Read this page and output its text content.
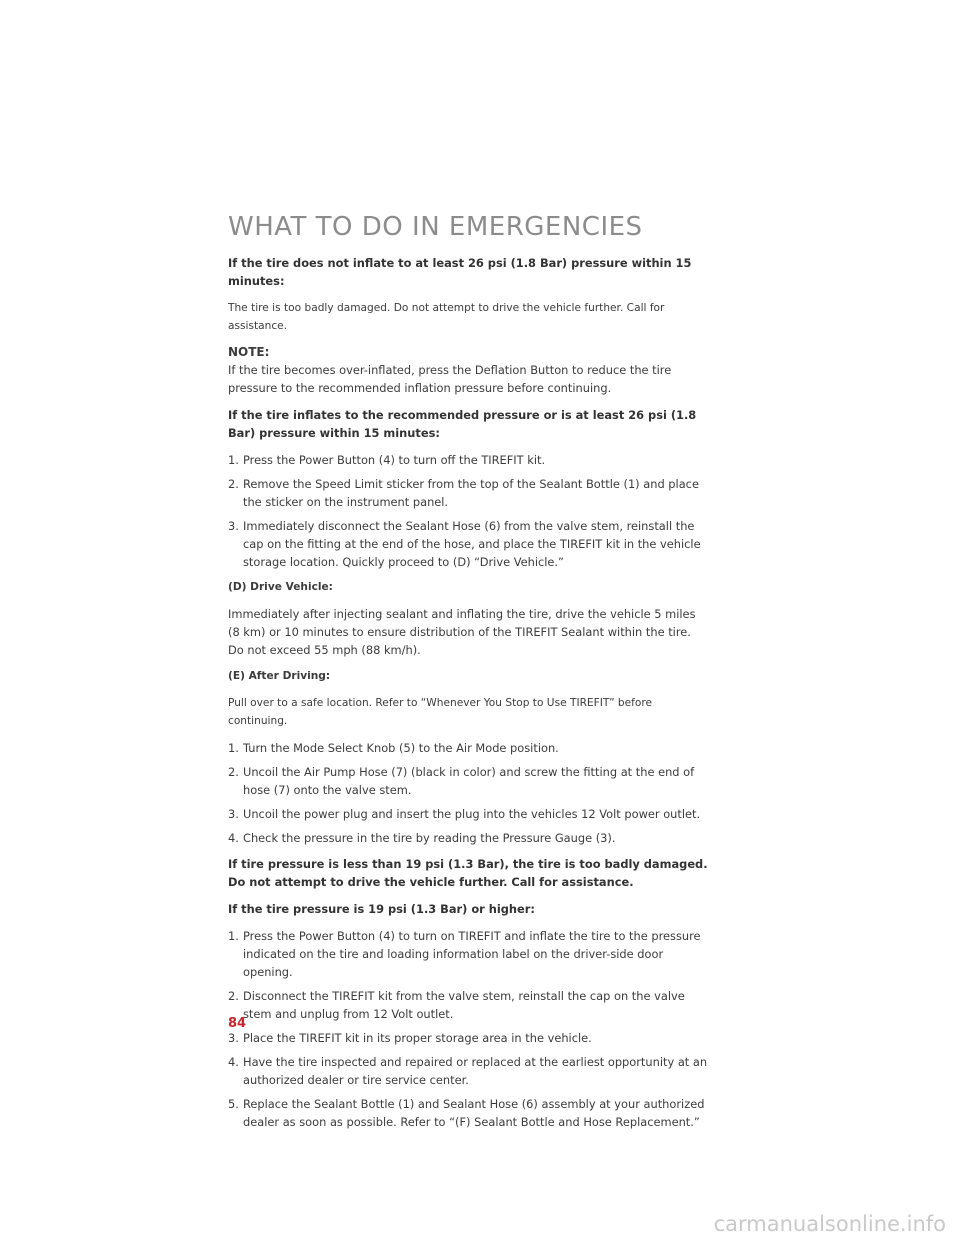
WHAT TO DO IN EMERGENCIES

If the tire does not inflate to at least 26 psi (1.8 Bar) pressure within 15 minutes:

The tire is too badly damaged. Do not attempt to drive the vehicle further. Call for assistance.

NOTE:

If the tire becomes over-inflated, press the Deflation Button to reduce the tire pressure to the recommended inflation pressure before continuing.

If the tire inflates to the recommended pressure or is at least 26 psi (1.8 Bar) pressure within 15 minutes:

1. Press the Power Button (4) to turn off the TIREFIT kit.
2. Remove the Speed Limit sticker from the top of the Sealant Bottle (1) and place the sticker on the instrument panel.
3. Immediately disconnect the Sealant Hose (6) from the valve stem, reinstall the cap on the fitting at the end of the hose, and place the TIREFIT kit in the vehicle storage location. Quickly proceed to (D) “Drive Vehicle.”

(D) Drive Vehicle:

Immediately after injecting sealant and inflating the tire, drive the vehicle 5 miles (8 km) or 10 minutes to ensure distribution of the TIREFIT Sealant within the tire. Do not exceed 55 mph (88 km/h).

(E) After Driving:

Pull over to a safe location. Refer to “Whenever You Stop to Use TIREFIT” before continuing.

1. Turn the Mode Select Knob (5) to the Air Mode position.
2. Uncoil the Air Pump Hose (7) (black in color) and screw the fitting at the end of hose (7) onto the valve stem.
3. Uncoil the power plug and insert the plug into the vehicles 12 Volt power outlet.
4. Check the pressure in the tire by reading the Pressure Gauge (3).

If tire pressure is less than 19 psi (1.3 Bar), the tire is too badly damaged. Do not attempt to drive the vehicle further. Call for assistance.

If the tire pressure is 19 psi (1.3 Bar) or higher:

1. Press the Power Button (4) to turn on TIREFIT and inflate the tire to the pressure indicated on the tire and loading information label on the driver-side door opening.
2. Disconnect the TIREFIT kit from the valve stem, reinstall the cap on the valve stem and unplug from 12 Volt outlet.
3. Place the TIREFIT kit in its proper storage area in the vehicle.
4. Have the tire inspected and repaired or replaced at the earliest opportunity at an authorized dealer or tire service center.
5. Replace the Sealant Bottle (1) and Sealant Hose (6) assembly at your authorized dealer as soon as possible. Refer to “(F) Sealant Bottle and Hose Replacement.”
84
carmanualsonline.info
